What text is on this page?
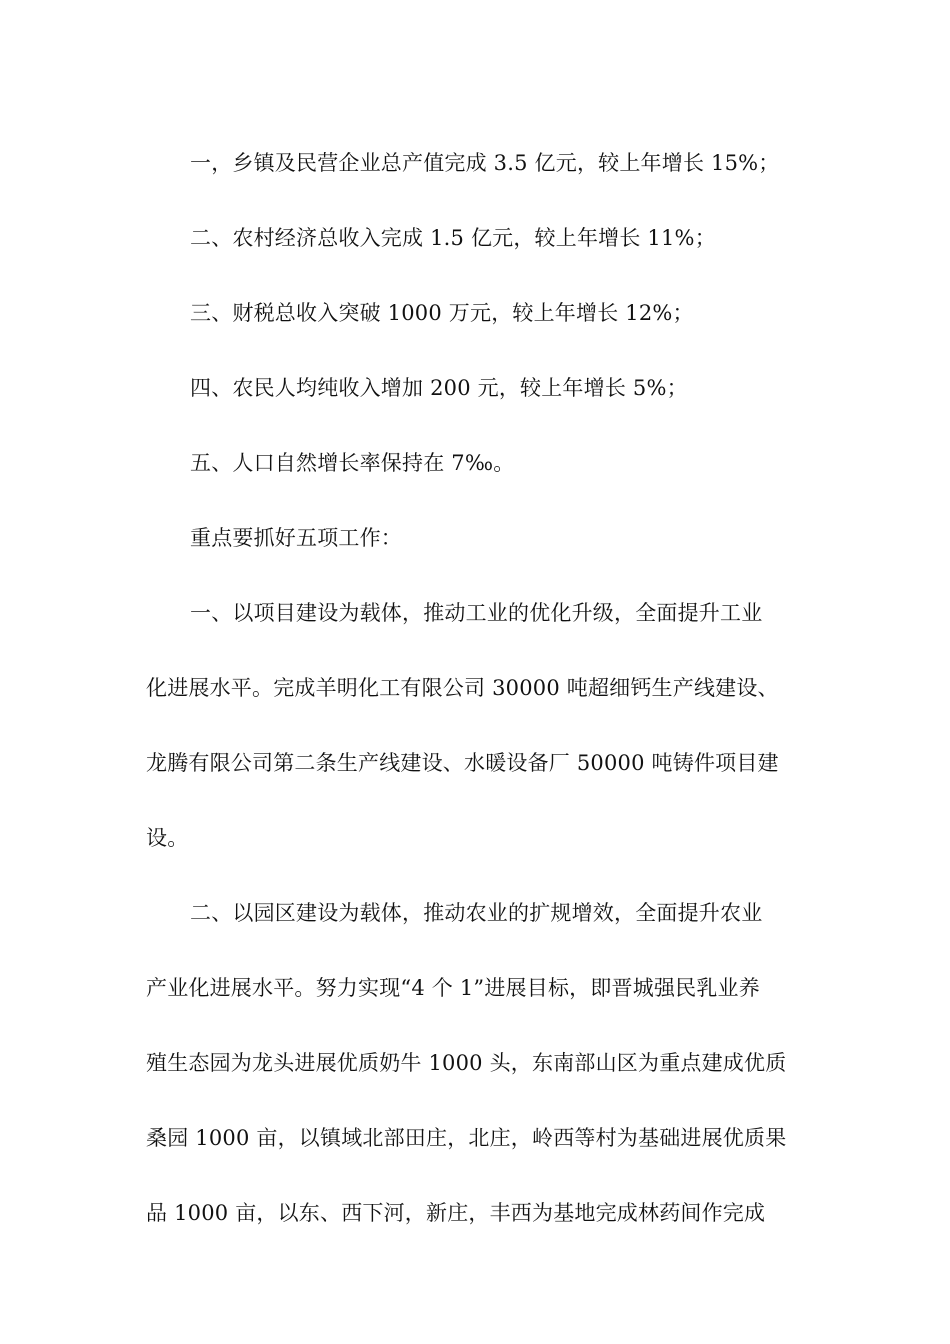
一，乡镇及民营企业总产值完成 3.5 亿元，较上年增长 15%；

二、农村经济总收入完成 1.5 亿元，较上年增长 11%；

三、财税总收入突破 1000 万元，较上年增长 12%；

四、农民人均纯收入增加 200 元，较上年增长 5%；

五、人口自然增长率保持在 7‰。

重点要抓好五项工作：

一、以项目建设为载体，推动工业的优化升级，全面提升工业
化进展水平。完成羊明化工有限公司 30000 吨超细钙生产线建设、
龙腾有限公司第二条生产线建设、水暖设备厂 50000 吨铸件项目建
设。

二、以园区建设为载体，推动农业的扩规增效，全面提升农业
产业化进展水平。努力实现“4 个 1”进展目标，即晋城强民乳业养
殖生态园为龙头进展优质奶牛 1000 头，东南部山区为重点建成优质
桑园 1000 亩，以镇域北部田庄，北庄，岭西等村为基础进展优质果
品 1000 亩，以东、西下河，新庄，丰西为基地完成林药间作完成
